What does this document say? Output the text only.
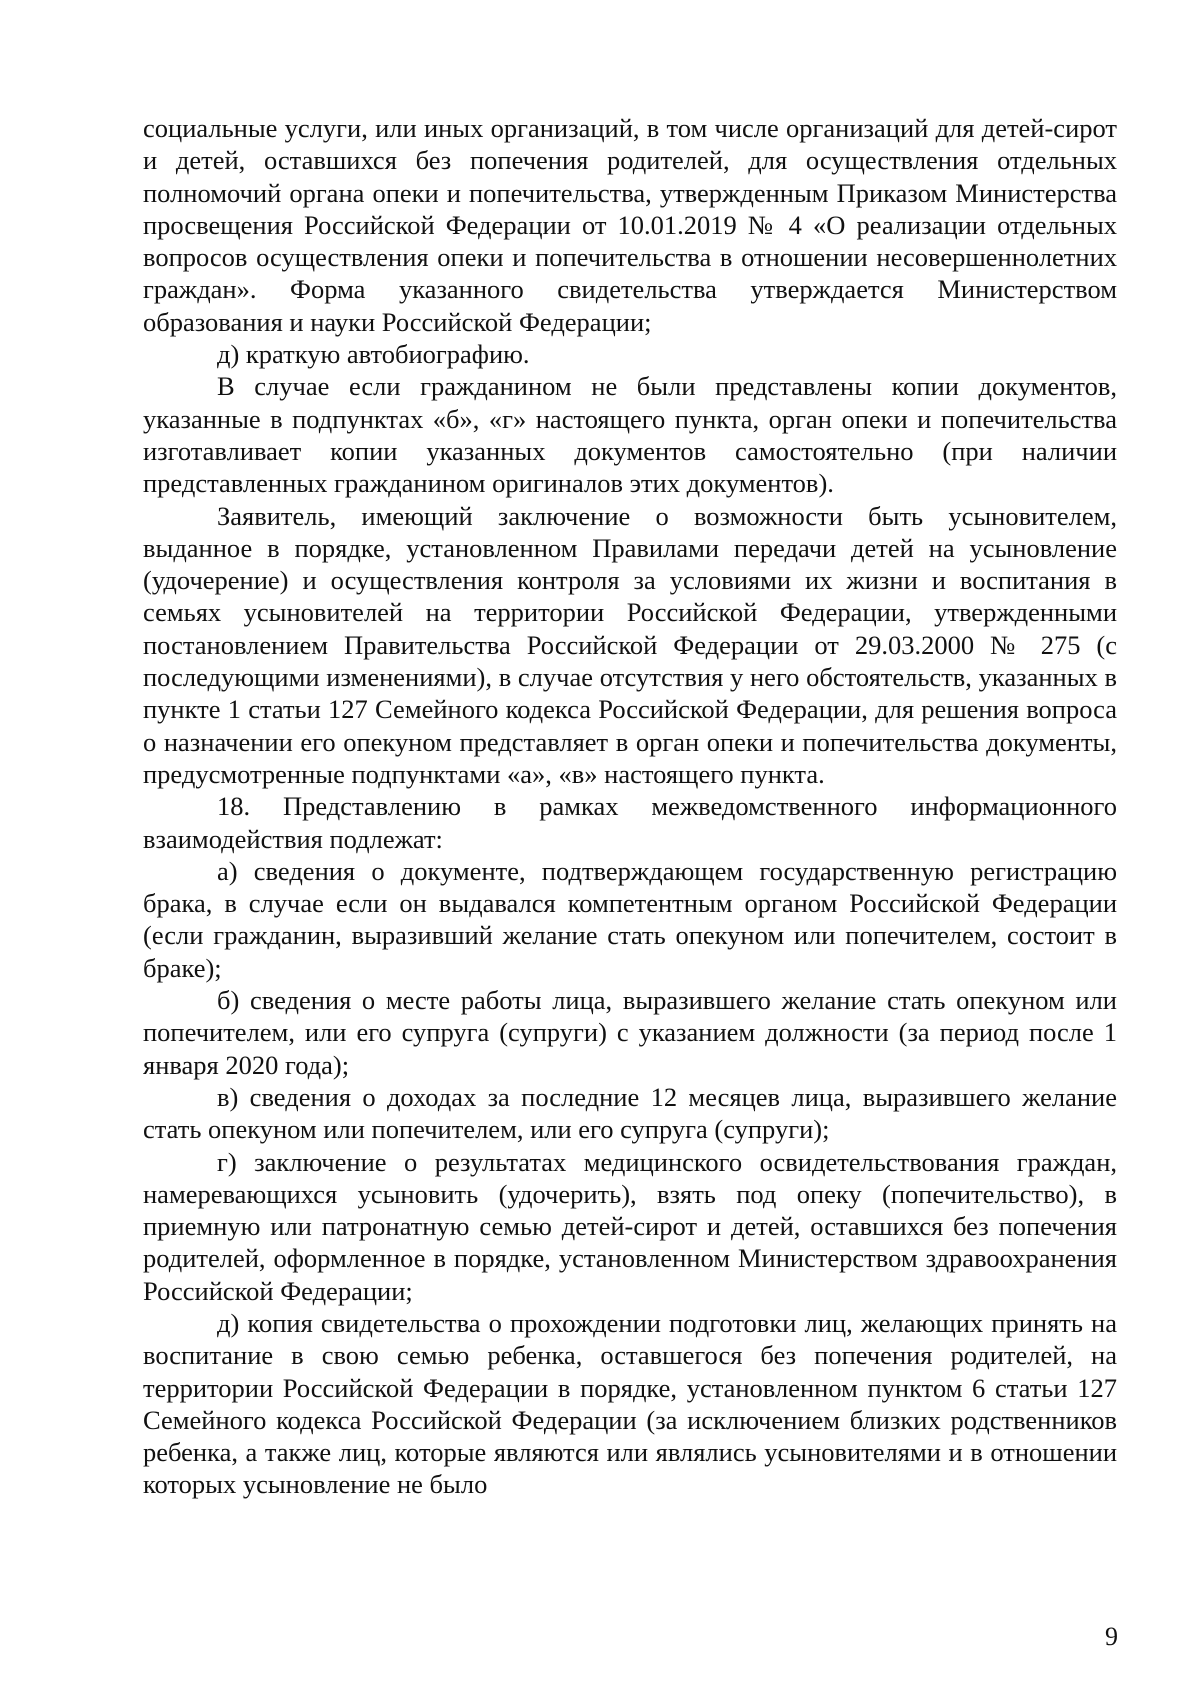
социальные услуги, или иных организаций, в том числе организаций для детей-сирот и детей, оставшихся без попечения родителей, для осуществления отдельных полномочий органа опеки и попечительства, утвержденным Приказом Министерства просвещения Российской Федерации от 10.01.2019 № 4 «О реализации отдельных вопросов осуществления опеки и попечительства в отношении несовершеннолетних граждан». Форма указанного свидетельства утверждается Министерством образования и науки Российской Федерации;

д) краткую автобиографию.

В случае если гражданином не были представлены копии документов, указанные в подпунктах «б», «г» настоящего пункта, орган опеки и попечительства изготавливает копии указанных документов самостоятельно (при наличии представленных гражданином оригиналов этих документов).

Заявитель, имеющий заключение о возможности быть усыновителем, выданное в порядке, установленном Правилами передачи детей на усыновление (удочерение) и осуществления контроля за условиями их жизни и воспитания в семьях усыновителей на территории Российской Федерации, утвержденными постановлением Правительства Российской Федерации от 29.03.2000 № 275 (с последующими изменениями), в случае отсутствия у него обстоятельств, указанных в пункте 1 статьи 127 Семейного кодекса Российской Федерации, для решения вопроса о назначении его опекуном представляет в орган опеки и попечительства документы, предусмотренные подпунктами «а», «в» настоящего пункта.

18. Представлению в рамках межведомственного информационного взаимодействия подлежат:

а) сведения о документе, подтверждающем государственную регистрацию брака, в случае если он выдавался компетентным органом Российской Федерации (если гражданин, выразивший желание стать опекуном или попечителем, состоит в браке);

б) сведения о месте работы лица, выразившего желание стать опекуном или попечителем, или его супруга (супруги) с указанием должности (за период после 1 января 2020 года);

в) сведения о доходах за последние 12 месяцев лица, выразившего желание стать опекуном или попечителем, или его супруга (супруги);

г) заключение о результатах медицинского освидетельствования граждан, намеревающихся усыновить (удочерить), взять под опеку (попечительство), в приемную или патронатную семью детей-сирот и детей, оставшихся без попечения родителей, оформленное в порядке, установленном Министерством здравоохранения Российской Федерации;

д) копия свидетельства о прохождении подготовки лиц, желающих принять на воспитание в свою семью ребенка, оставшегося без попечения родителей, на территории Российской Федерации в порядке, установленном пунктом 6 статьи 127 Семейного кодекса Российской Федерации (за исключением близких родственников ребенка, а также лиц, которые являются или являлись усыновителями и в отношении которых усыновление не было

9
